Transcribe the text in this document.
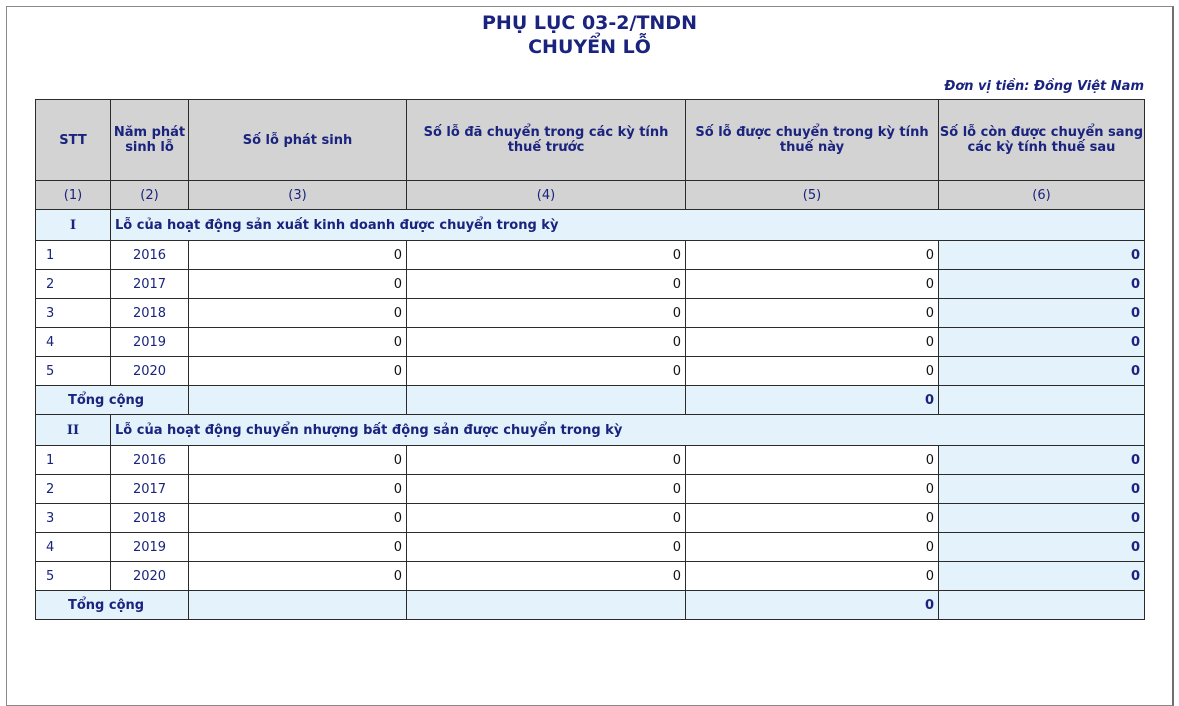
PHỤ LỤC 03-2/TNDN
CHUYỂN LỖ
Đơn vị tiền: Đồng Việt Nam
STT	Năm phát sinh lỗ	Số lỗ phát sinh	Số lỗ đã chuyển trong các kỳ tính thuế trước	Số lỗ được chuyển trong kỳ tính thuế này	Số lỗ còn được chuyển sang các kỳ tính thuế sau
(1)	(2)	(3)	(4)	(5)	(6)
I	Lỗ của hoạt động sản xuất kinh doanh được chuyển trong kỳ				
1	2016	0	0	0	0
2	2017	0	0	0	0
3	2018	0	0	0	0
4	2019	0	0	0	0
5	2020	0	0	0	0
Tổng cộng				0	
II	Lỗ của hoạt động chuyển nhượng bất động sản được chuyển trong kỳ				
1	2016	0	0	0	0
2	2017	0	0	0	0
3	2018	0	0	0	0
4	2019	0	0	0	0
5	2020	0	0	0	0
Tổng cộng				0	
